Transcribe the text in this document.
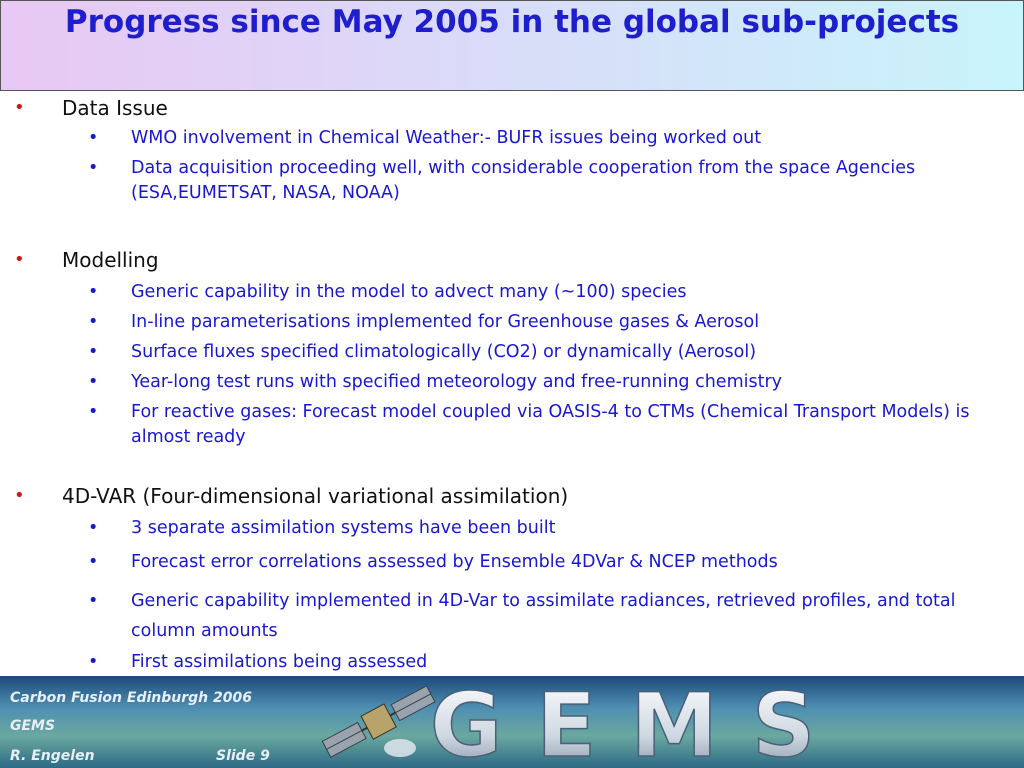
Progress since May 2005 in the global sub-projects
• Data Issue
• WMO involvement in Chemical Weather:- BUFR issues being worked out
• Data acquisition proceeding well, with considerable cooperation from the space Agencies (ESA,EUMETSAT, NASA, NOAA)
• Modelling
• Generic capability in the model to advect many (~100) species
• In-line parameterisations implemented for Greenhouse gases & Aerosol
• Surface fluxes specified climatologically (CO2) or dynamically (Aerosol)
• Year-long test runs with specified meteorology and free-running chemistry
• For reactive gases: Forecast model coupled via OASIS-4 to CTMs (Chemical Transport Models) is almost ready
• 4D-VAR (Four-dimensional variational assimilation)
• 3 separate assimilation systems have been built
• Forecast error correlations assessed by Ensemble 4DVar & NCEP methods
• Generic capability implemented in 4D-Var to assimilate radiances, retrieved profiles, and total column amounts
• First assimilations being assessed
GEMS
Carbon Fusion Edinburgh 2006
GEMS
R. Engelen	Slide 9
